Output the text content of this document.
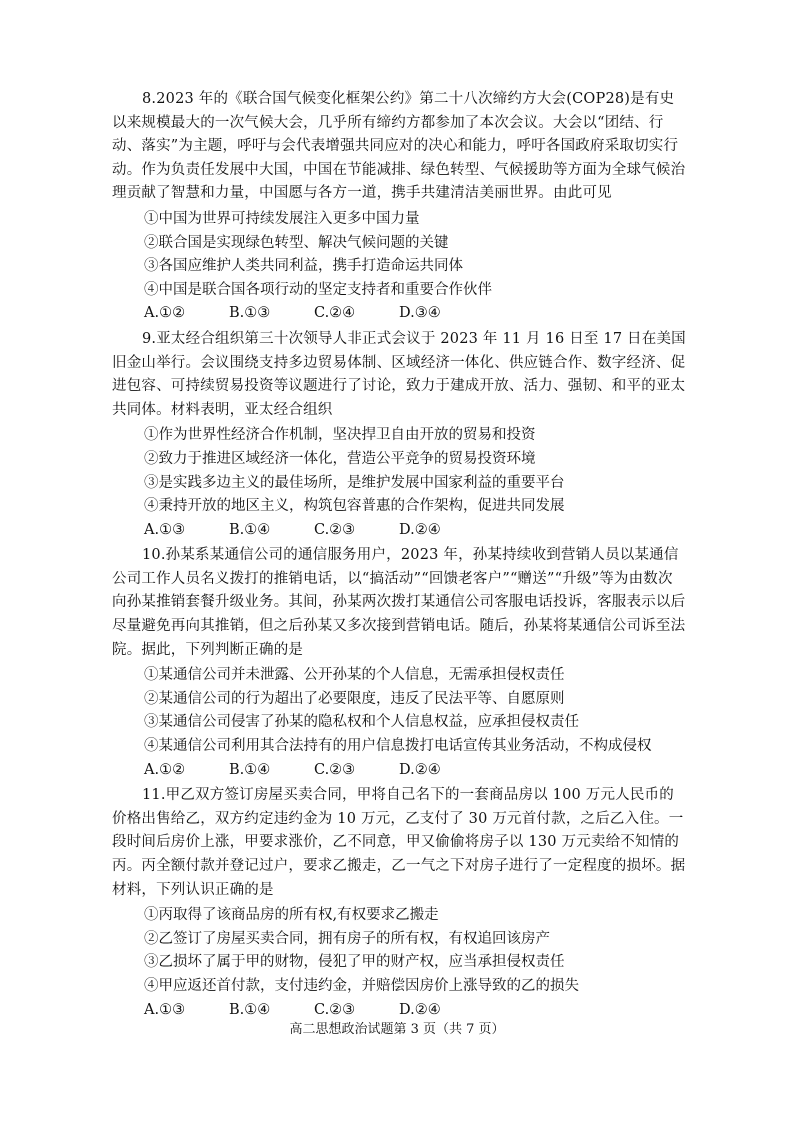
8.2023 年的《联合国气候变化框架公约》第二十八次缔约方大会(COP28)是有史以来规模最大的一次气候大会，几乎所有缔约方都参加了本次会议。大会以“团结、行动、落实”为主题，呼吁与会代表增强共同应对的决心和能力，呼吁各国政府采取切实行动。作为负责任发展中大国，中国在节能减排、绿色转型、气候援助等方面为全球气候治理贡献了智慧和力量，中国愿与各方一道，携手共建清洁美丽世界。由此可见

①中国为世界可持续发展注入更多中国力量
②联合国是实现绿色转型、解决气候问题的关键
③各国应维护人类共同利益，携手打造命运共同体
④中国是联合国各项行动的坚定支持者和重要合作伙伴
A.①②	B.①③	C.②④	D.③④

9.亚太经合组织第三十次领导人非正式会议于 2023 年 11 月 16 日至 17 日在美国旧金山举行。会议围绕支持多边贸易体制、区域经济一体化、供应链合作、数字经济、促进包容、可持续贸易投资等议题进行了讨论，致力于建成开放、活力、强韧、和平的亚太共同体。材料表明，亚太经合组织

①作为世界性经济合作机制，坚决捍卫自由开放的贸易和投资
②致力于推进区域经济一体化，营造公平竞争的贸易投资环境
③是实践多边主义的最佳场所，是维护发展中国家利益的重要平台
④秉持开放的地区主义，构筑包容普惠的合作架构，促进共同发展
A.①③	B.①④	C.②③	D.②④

10.孙某系某通信公司的通信服务用户，2023 年，孙某持续收到营销人员以某通信公司工作人员名义拨打的推销电话，以“搞活动”“回馈老客户”“赠送”“升级”等为由数次向孙某推销套餐升级业务。其间，孙某两次拨打某通信公司客服电话投诉，客服表示以后尽量避免再向其推销，但之后孙某又多次接到营销电话。随后，孙某将某通信公司诉至法院。据此，下列判断正确的是

①某通信公司并未泄露、公开孙某的个人信息，无需承担侵权责任
②某通信公司的行为超出了必要限度，违反了民法平等、自愿原则
③某通信公司侵害了孙某的隐私权和个人信息权益，应承担侵权责任
④某通信公司利用其合法持有的用户信息拨打电话宣传其业务活动，不构成侵权
A.①②	B.①④	C.②③	D.②④

11.甲乙双方签订房屋买卖合同，甲将自己名下的一套商品房以 100 万元人民币的价格出售给乙，双方约定违约金为 10 万元，乙支付了 30 万元首付款，之后乙入住。一段时间后房价上涨，甲要求涨价，乙不同意，甲又偷偷将房子以 130 万元卖给不知情的丙。丙全额付款并登记过户，要求乙搬走，乙一气之下对房子进行了一定程度的损坏。据材料，下列认识正确的是

①丙取得了该商品房的所有权,有权要求乙搬走
②乙签订了房屋买卖合同，拥有房子的所有权，有权追回该房产
③乙损坏了属于甲的财物，侵犯了甲的财产权，应当承担侵权责任
④甲应返还首付款，支付违约金，并赔偿因房价上涨导致的乙的损失
A.①③	B.①④	C.②③	D.②④
高二思想政治试题第 3 页（共 7 页）
